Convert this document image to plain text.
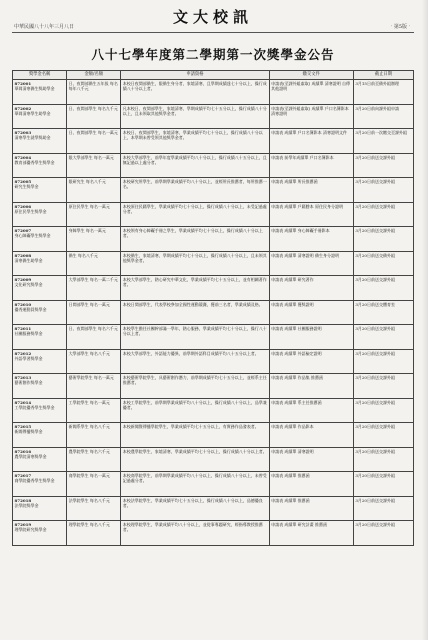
文大校訊
中華民國八十八年三月八日	‧第5版‧
八十七學年度第二學期第一次獎學金公告
獎學金名稱	金額/名額	申請資格	繳交文件	截止日期

872001
華岡清寒僑生獎助學金	日、夜間部僑生五年級 每名每年八千元	本校日夜間部僑生，限僑生身分者，家境清寒，且學期成績達七十分以上，操行成績八十分以上者。	申請表(至課外組索取) 成績單 清寒證明 自傳 其他證明	3月15日前至僑外組辦理

872002
華岡清寒學生助學金	日、夜間部學生 每名九千元	凡本校日、夜間部學生，家境清寒，學期成績平均七十五分以上，操行成績八十分以上，且未領取其他獎學金者。	申請表(至課外組索取) 成績單 戶口名簿影本 清寒證明	3月20日前向課外組申請

872003
清寒學生就學獎助金	日、夜間部學生 每名一萬元	本校日、夜間部學生，家境清寒，學業成績平均七十分以上，操行成績八十分以上，本學期未曾受領其他獎學金者。	申請表 成績單 戶口名簿影本 清寒證明文件	3月20日前一次繳交至課外組

872004
教育部優秀學生獎學金	限大學部學生 每名一萬元	本校大學部學生，前學年度學業成績平均八十分以上，操行成績八十五分以上，且無記過以上處分者。	申請表 前學年成績單 戶口名簿影本	3月20日前送交課外組

872005
研究生獎學金	限研究生 每名八千元	本校研究所學生，前學期學業成績平均八十分以上，並經所長推薦者，每所推薦一名。	申請表 成績單 所長推薦函	3月20日前送交課外組

872006
原住民學生獎學金	原住民學生 每名一萬元	本校原住民籍學生，學業成績平均七十分以上，操行成績八十分以上，未受記過處分者。	申請表 成績單 戶籍謄本 原住民身分證明	3月20日前送交課外組

872007
身心障礙學生獎學金	身障學生 每名一萬元	本校領有身心障礙手冊之學生，學業成績平均七十分以上，操行成績八十分以上者。	申請表 成績單 身心障礙手冊影本	3月20日前送交課外組

872008
清寒僑生助學金	僑生 每名八千元	本校僑生，家境清寒，學期成績平均七十分以上，操行成績八十分以上，且未領其他獎學金者。	申請表 成績單 清寒證明 僑生身分證明	3月20日前送交僑外組

872009
文化研究獎學金	大學部學生 每名一萬二千元	本校大學部學生，熱心研究中華文化，學業成績平均七十五分以上，並有相關著作者。	申請表 成績單 研究著作	3月20日前送交課外組

872010
優秀運動員獎學金	日間部學生 每名一萬元	本校日間部學生，代表學校參加全國性運動競賽，獲前三名者，學業成績及格。	申請表 成績單 獲獎證明	3月20日前送交體育室

872011
社團服務獎學金	日、夜間部學生 每名六千元	本校學生擔任社團幹部滿一學年，熱心服務，學業成績平均七十分以上，操行八十分以上者。	申請表 成績單 社團服務證明	3月20日前送交課外組

872012
外語學習獎學金	大學部學生 每名八千元	本校大學部學生，外語能力優異，前學期外語科目成績平均八十五分以上者。	申請表 成績單 外語檢定證明	3月20日前送交課外組

872013
藝術創作獎學金	藝術學院學生 每名一萬元	本校藝術學院學生，具藝術創作潛力，前學期成績平均七十五分以上，並經系主任推薦者。	申請表 成績單 作品集 推薦函	3月20日前送交課外組

872014
工學院優秀學生獎學金	工學院學生 每名一萬元	本校工學院學生，前學期學業成績平均八十分以上，操行成績八十分以上，品學兼優者。	申請表 成績單 系主任推薦函	3月20日前送交課外組

872015
新聞傳播獎學金	新聞系學生 每名八千元	本校新聞暨傳播學院學生，學業成績平均七十五分以上，有實務作品發表者。	申請表 成績單 作品影本	3月20日前送交課外組

872016
農學院清寒獎學金	農學院學生 每名六千元	本校農學院學生，家境清寒，學業成績平均七十分以上，操行成績八十分以上者。	申請表 成績單 清寒證明	3月20日前送交課外組

872017
商學院優秀學生獎學金	商學院學生 每名一萬元	本校商學院學生，前學期學業成績平均八十分以上，操行成績八十分以上，未曾受記過處分者。	申請表 成績單 推薦函	3月20日前送交課外組

872018
法學院獎學金	法學院學生 每名八千元	本校法學院學生，學業成績平均七十五分以上，操行成績八十分以上，品德優良者。	申請表 成績單 推薦函	3月20日前送交課外組

872019
理學院研究獎學金	理學院學生 每名八千元	本校理學院學生，學業成績平均八十分以上，並從事專題研究，經指導教授推薦者。	申請表 成績單 研究計畫 推薦函	3月20日前送交課外組
